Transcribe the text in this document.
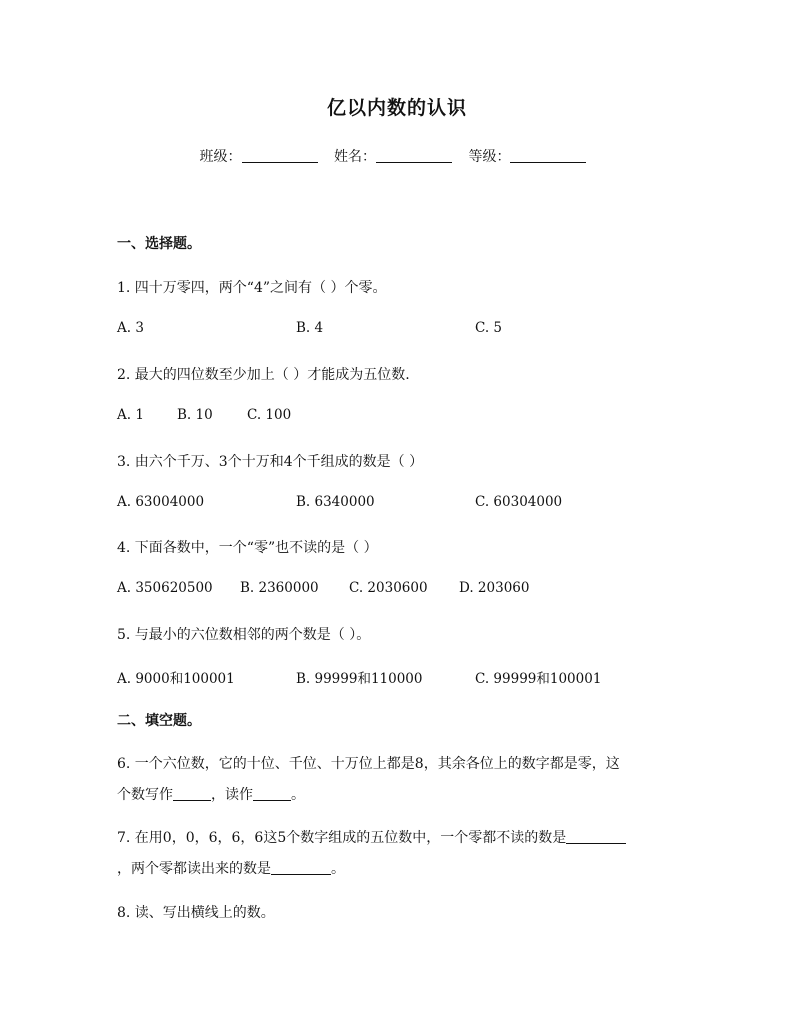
亿以内数的认识
班级：	姓名：	等级：
一、选择题。
1. 四十万零四，两个“4”之间有（ ）个零。
A. 3	B. 4	C. 5
2. 最大的四位数至少加上（ ）才能成为五位数.
A. 1 B. 10	C. 100
3. 由六个千万、3个十万和4个千组成的数是（ ）
A. 63004000	B. 6340000	C. 60304000
4. 下面各数中，一个“零”也不读的是（ ）
A. 350620500 B. 2360000 C. 2030600 D. 203060
5. 与最小的六位数相邻的两个数是（ ）。
A. 9000和100001	B. 99999和110000	C. 99999和100001
二、填空题。
6. 一个六位数，它的十位、千位、十万位上都是8，其余各位上的数字都是零，这
个数写作	，读作	。
7. 在用0，0，6，6，6这5个数字组成的五位数中，一个零都不读的数是
，两个零都读出来的数是	。
8. 读、写出横线上的数。
